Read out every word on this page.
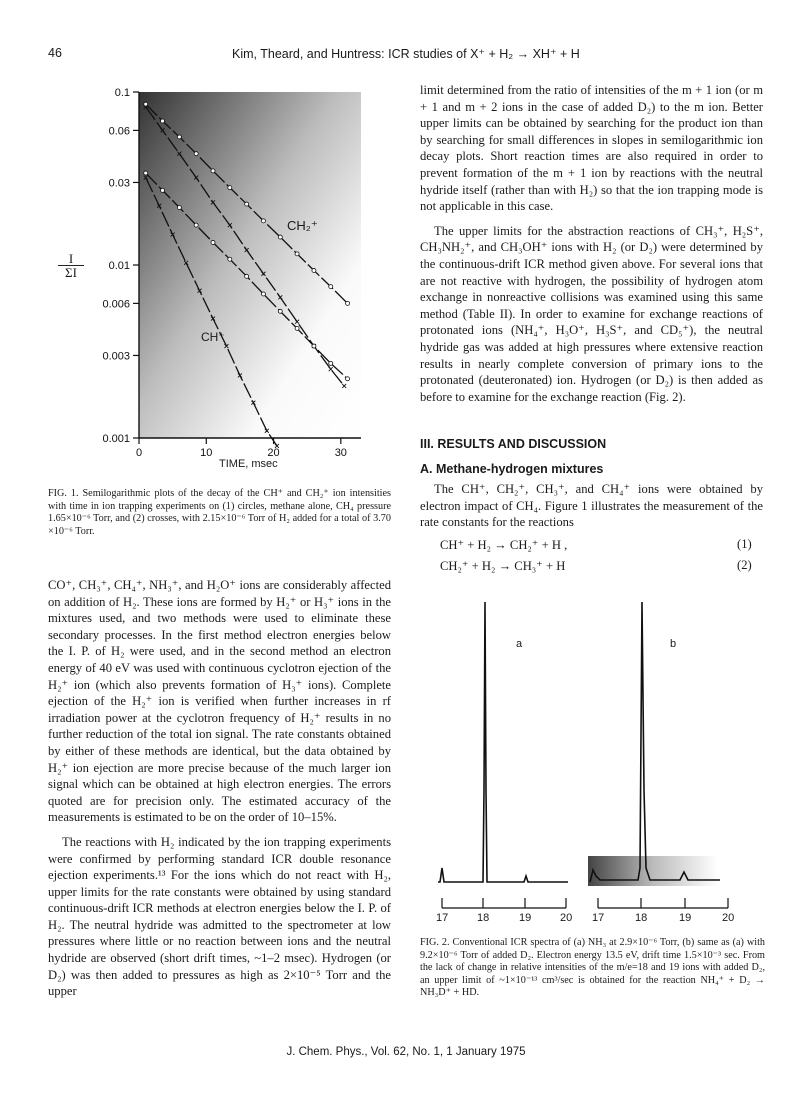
46	Kim, Theard, and Huntress: ICR studies of X⁺ + H₂ → XH⁺ + H
0.1
0.06
0.03
0.01
0.006
0.003
0.001
0	10	20	30
$\frac{I}{\Sigma I}$
TIME, msec
CH₂⁺
CH⁺
FIG. 1. Semilogarithmic plots of the decay of the CH⁺ and CH₂⁺ ion intensities with time in ion trapping experiments on (1) circles, methane alone, CH₄ pressure 1.65×10⁻⁶ Torr, and (2) crosses, with 2.15×10⁻⁶ Torr of H₂ added for a total of 3.70 ×10⁻⁶ Torr.

CO⁺, CH₃⁺, CH₄⁺, NH₃⁺, and H₂O⁺ ions are considerably affected on addition of H₂. These ions are formed by H₂⁺ or H₃⁺ ions in the mixtures used, and two methods were used to eliminate these secondary processes. In the first method electron energies below the I. P. of H₂ were used, and in the second method an electron energy of 40 eV was used with continuous cyclotron ejection of the H₂⁺ ion (which also prevents formation of H₃⁺ ions). Complete ejection of the H₂⁺ ion is verified when further increases in rf irradiation power at the cyclotron frequency of H₂⁺ results in no further reduction of the total ion signal. The rate constants obtained by either of these methods are identical, but the data obtained by H₂⁺ ion ejection are more precise because of the much larger ion signal which can be obtained at high electron energies. The errors quoted are for precision only. The estimated accuracy of the measurements is estimated to be on the order of 10–15%.

The reactions with H₂ indicated by the ion trapping experiments were confirmed by performing standard ICR double resonance ejection experiments.¹³ For the ions which do not react with H₂, upper limits for the rate constants were obtained by using standard continuous-drift ICR methods at electron energies below the I. P. of H₂. The neutral hydride was admitted to the spectrometer at low pressures where little or no reaction between ions and the neutral hydride are observed (short drift times, ~1–2 msec). Hydrogen (or D₂) was then added to pressures as high as 2×10⁻⁵ Torr and the upper

limit determined from the ratio of intensities of the m + 1 ion (or m + 1 and m + 2 ions in the case of added D₂) to the m ion. Better upper limits can be obtained by searching for the product ion than by searching for small differences in slopes in semilogarithmic ion decay plots. Short reaction times are also required in order to prevent formation of the m + 1 ion by reactions with the neutral hydride itself (rather than with H₂) so that the ion trapping mode is not applicable in this case.

The upper limits for the abstraction reactions of CH₃⁺, H₂S⁺, CH₃NH₂⁺, and CH₃OH⁺ ions with H₂ (or D₂) were determined by the continuous-drift ICR method given above. For several ions that are not reactive with hydrogen, the possibility of hydrogen atom exchange in nonreactive collisions was examined using this same method (Table II). In order to examine for exchange reactions of protonated ions (NH₄⁺, H₃O⁺, H₃S⁺, and CD₅⁺), the neutral hydride gas was added at high pressures where extensive reaction results in nearly complete conversion of primary ions to the protonated (deuteronated) ion. Hydrogen (or D₂) is then added as before to examine for the exchange reaction (Fig. 2).

III. RESULTS AND DISCUSSION
A. Methane-hydrogen mixtures

The CH⁺, CH₂⁺, CH₃⁺, and CH₄⁺ ions were obtained by electron impact of CH₄. Figure 1 illustrates the measurement of the rate constants for the reactions

CH⁺ + H₂ → CH₂⁺ + H ,	(1)
CH₂⁺ + H₂ → CH₃⁺ + H	(2)
a	b
17	18	19	20 17	18	19	20
FIG. 2. Conventional ICR spectra of (a) NH₃ at 2.9×10⁻⁶ Torr, (b) same as (a) with 9.2×10⁻⁶ Torr of added D₂. Electron energy 13.5 eV, drift time 1.5×10⁻³ sec. From the lack of change in relative intensities of the m/e=18 and 19 ions with added D₂, an upper limit of ~1×10⁻¹³ cm³/sec is obtained for the reaction NH₄⁺ + D₂ → NH₃D⁺ + HD.
J. Chem. Phys., Vol. 62, No. 1, 1 January 1975
